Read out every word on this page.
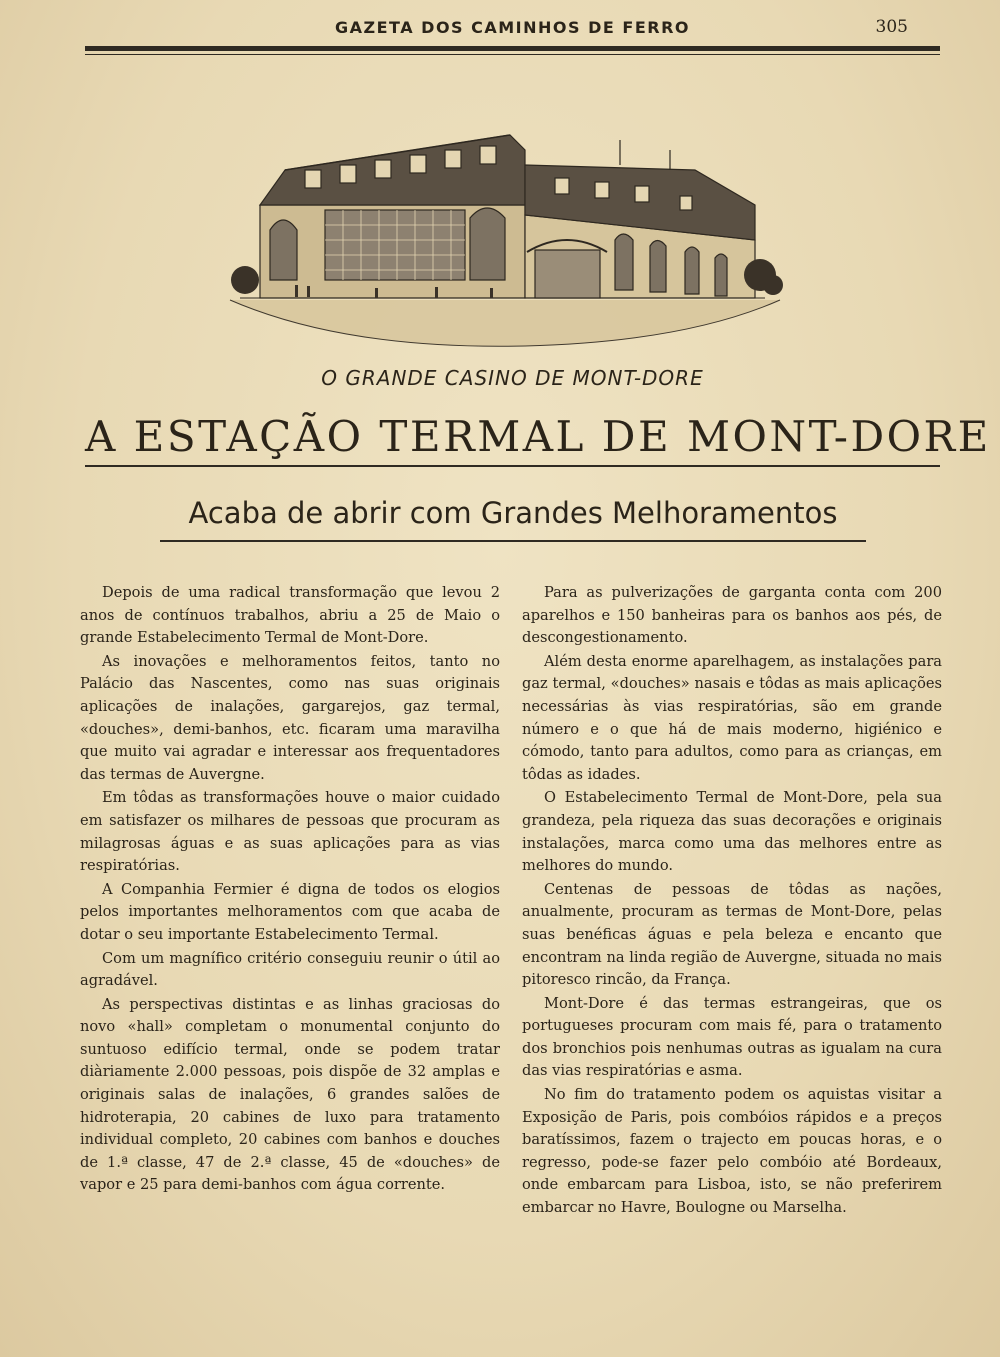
GAZETA DOS CAMINHOS DE FERRO	305
O GRANDE CASINO DE MONT-DORE
A ESTAÇÃO TERMAL DE MONT-DORE
Acaba de abrir com Grandes Melhoramentos

Depois de uma radical transformação que levou 2 anos de contínuos trabalhos, abriu a 25 de Maio o grande Estabelecimento Termal de Mont-Dore.

As inovações e melhoramentos feitos, tanto no Palácio das Nascentes, como nas suas originais aplicações de inalações, gargarejos, gaz termal, «douches», demi-banhos, etc. ficaram uma maravilha que muito vai agradar e interessar aos frequentadores das termas de Auvergne.

Em tôdas as transformações houve o maior cuidado em satisfazer os milhares de pessoas que procuram as milagrosas águas e as suas aplicações para as vias respiratórias.

A Companhia Fermier é digna de todos os elogios pelos importantes melhoramentos com que acaba de dotar o seu importante Estabelecimento Termal.

Com um magnífico critério conseguiu reunir o útil ao agradável.

As perspectivas distintas e as linhas graciosas do novo «hall» completam o monumental conjunto do suntuoso edifício termal, onde se podem tratar diàriamente 2.000 pessoas, pois dispõe de 32 amplas e originais salas de inalações, 6 grandes salões de hidroterapia, 20 cabines de luxo para tratamento individual completo, 20 cabines com banhos e douches de 1.ª classe, 47 de 2.ª classe, 45 de «douches» de vapor e 25 para demi-banhos com água corrente.

Para as pulverizações de garganta conta com 200 aparelhos e 150 banheiras para os banhos aos pés, de descongestionamento.

Além desta enorme aparelhagem, as instalações para gaz termal, «douches» nasais e tôdas as mais aplicações necessárias às vias respiratórias, são em grande número e o que há de mais moderno, higiénico e cómodo, tanto para adultos, como para as crianças, em tôdas as idades.

O Estabelecimento Termal de Mont-Dore, pela sua grandeza, pela riqueza das suas decorações e originais instalações, marca como uma das melhores entre as melhores do mundo.

Centenas de pessoas de tôdas as nações, anualmente, procuram as termas de Mont-Dore, pelas suas benéficas águas e pela beleza e encanto que encontram na linda região de Auvergne, situada no mais pitoresco rincão, da França.

Mont-Dore é das termas estrangeiras, que os portugueses procuram com mais fé, para o tratamento dos bronchios pois nenhumas outras as igualam na cura das vias respiratórias e asma.

No fim do tratamento podem os aquistas visitar a Exposição de Paris, pois combóios rápidos e a preços baratíssimos, fazem o trajecto em poucas horas, e o regresso, pode-se fazer pelo combóio até Bordeaux, onde embarcam para Lisboa, isto, se não preferirem embarcar no Havre, Boulogne ou Marselha.
